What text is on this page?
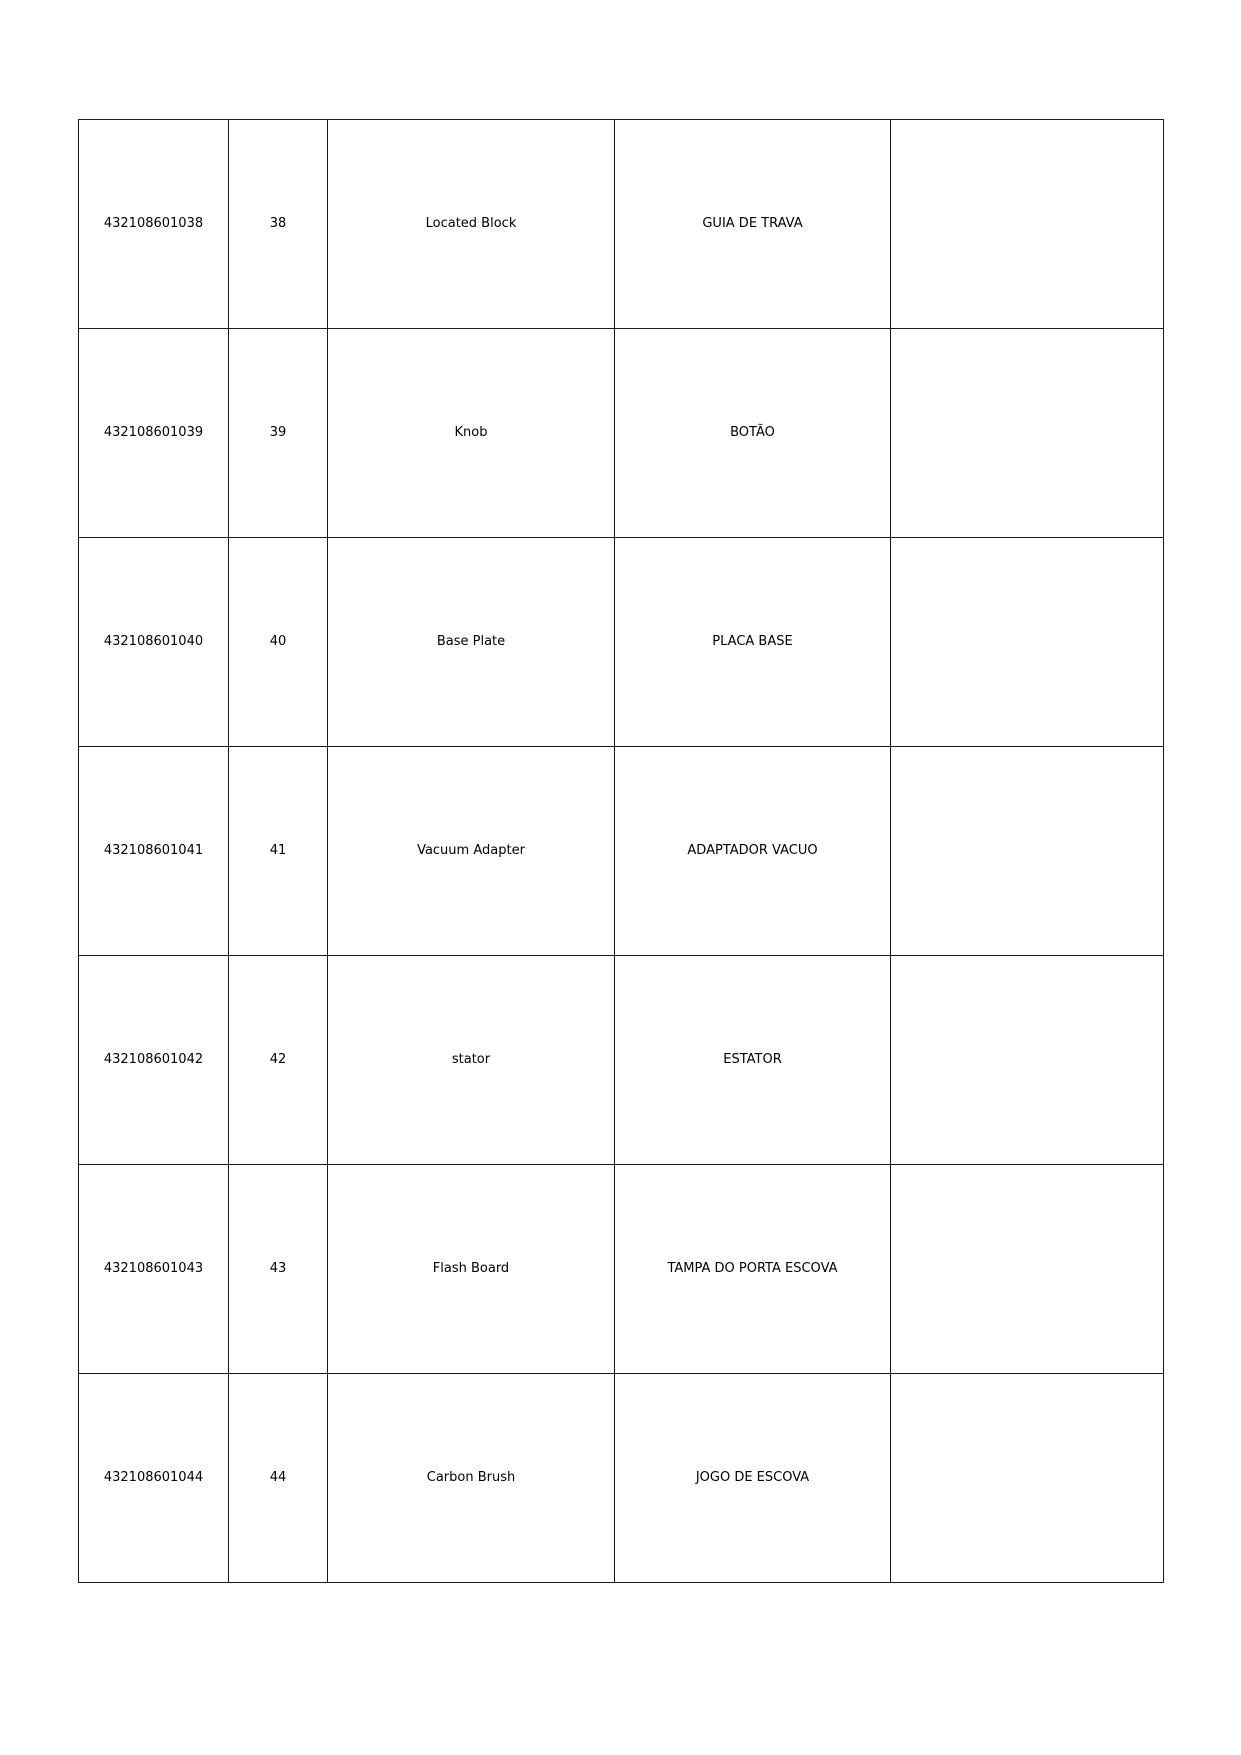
432108601038	38	Located Block	GUIA DE TRAVA	
432108601039	39	Knob	BOTÃO	
432108601040	40	Base Plate	PLACA BASE	
432108601041	41	Vacuum Adapter	ADAPTADOR VACUO	
432108601042	42	stator	ESTATOR	
432108601043	43	Flash Board	TAMPA DO PORTA ESCOVA	
432108601044	44	Carbon Brush	JOGO DE ESCOVA	
